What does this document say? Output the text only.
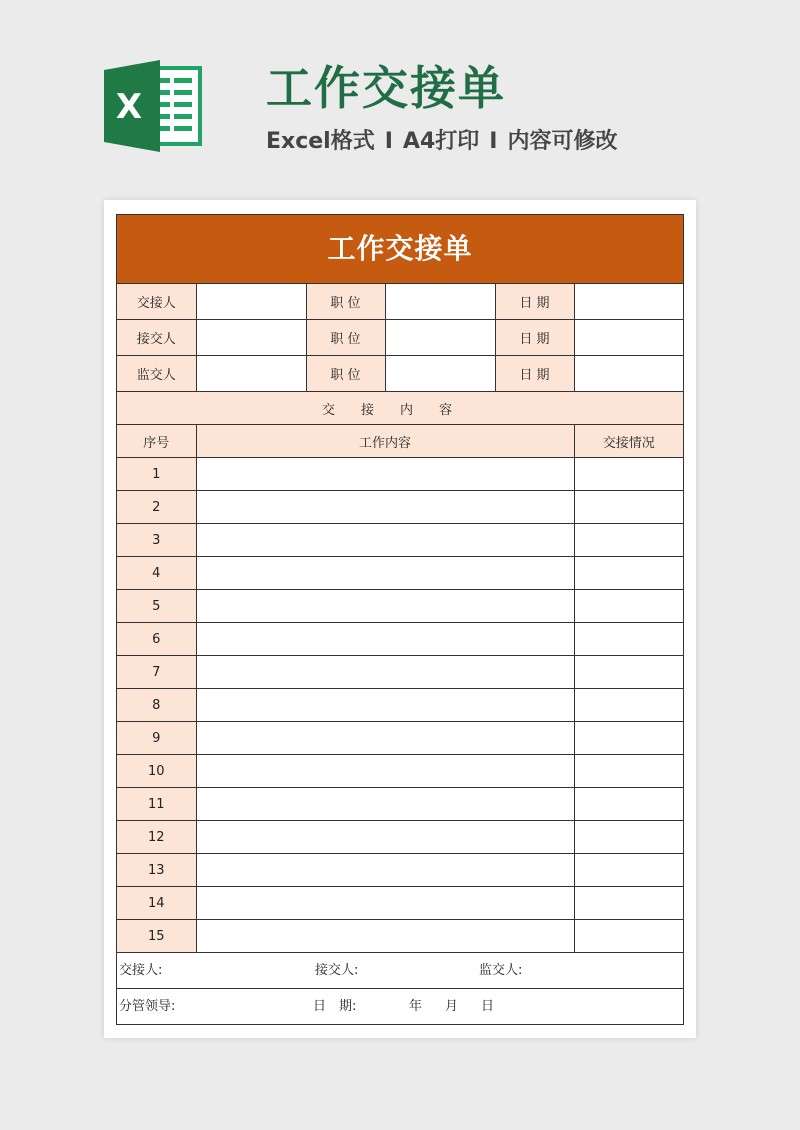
X	工作交接单
Excel格式 I A4打印 I 内容可修改
工作交接单
交接人		职 位		日 期	
接交人		职 位		日 期	
监交人		职 位		日 期	
交接内容		
序号	工作内容	交接情况
1		
2		
3		
4		
5		
6		
7		
8		
9		
10		
11		
12		
13		
14		
15		
交接人:	接交人:	监交人:

分管领导:	日　期:	年 月 日
